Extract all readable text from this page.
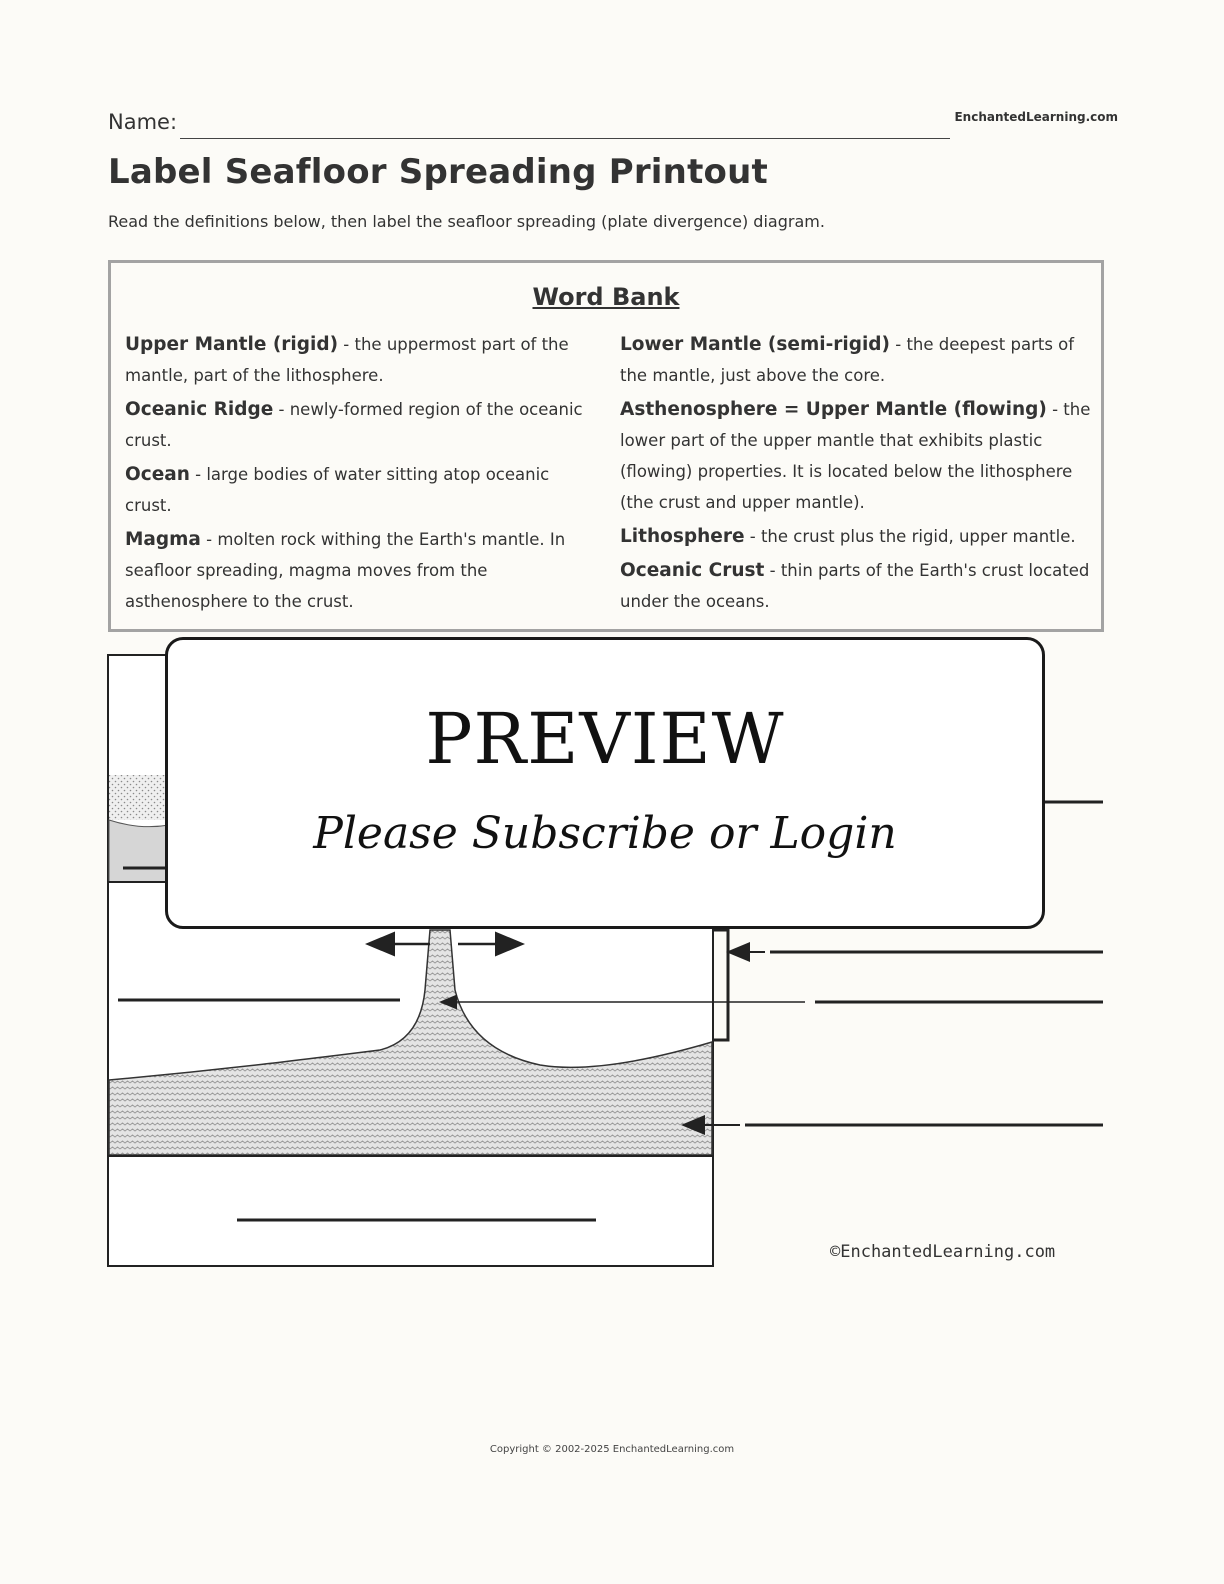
Name:	EnchantedLearning.com
Label Seafloor Spreading Printout
Read the definitions below, then label the seafloor spreading (plate divergence) diagram.
Word Bank
Upper Mantle (rigid) - the uppermost part of the mantle, part of the lithosphere.
Oceanic Ridge - newly-formed region of the oceanic crust.
Ocean - large bodies of water sitting atop oceanic crust.
Magma - molten rock withing the Earth's mantle. In seafloor spreading, magma moves from the asthenosphere to the crust.
Lower Mantle (semi-rigid) - the deepest parts of the mantle, just above the core.
Asthenosphere = Upper Mantle (flowing) - the lower part of the upper mantle that exhibits plastic (flowing) properties. It is located below the lithosphere (the crust and upper mantle).
Lithosphere - the crust plus the rigid, upper mantle.
Oceanic Crust - thin parts of the Earth's crust located under the oceans.
©EnchantedLearning.com
PREVIEW
Please Subscribe or Login
Copyright © 2002-2025 EnchantedLearning.com
